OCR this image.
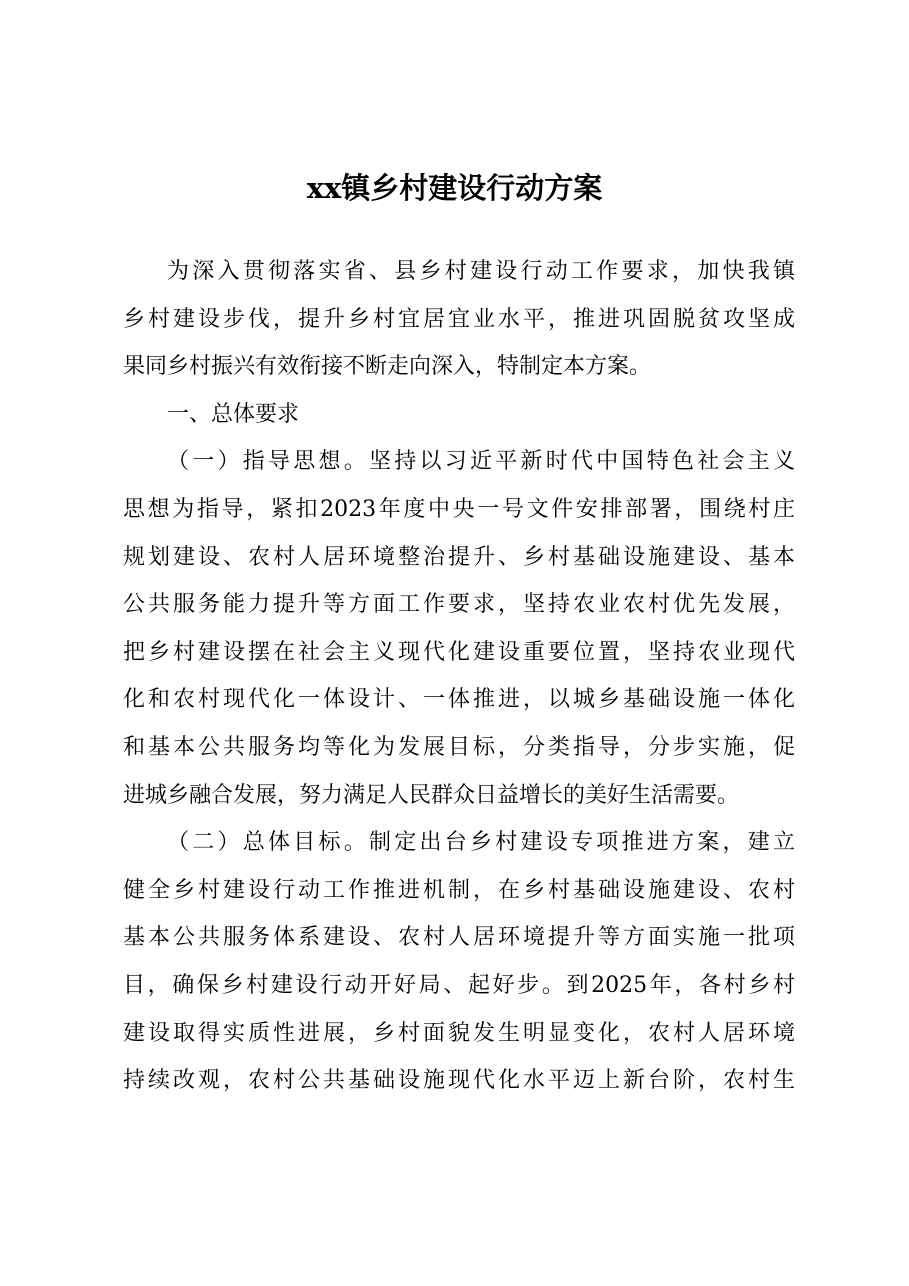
xx镇乡村建设行动方案
为深入贯彻落实省、县乡村建设行动工作要求，加快我镇
乡村建设步伐，提升乡村宜居宜业水平，推进巩固脱贫攻坚成
果同乡村振兴有效衔接不断走向深入，特制定本方案。
一、总体要求
（一）指导思想。坚持以习近平新时代中国特色社会主义
思想为指导，紧扣2023年度中央一号文件安排部署，围绕村庄
规划建设、农村人居环境整治提升、乡村基础设施建设、基本
公共服务能力提升等方面工作要求，坚持农业农村优先发展，
把乡村建设摆在社会主义现代化建设重要位置，坚持农业现代
化和农村现代化一体设计、一体推进，以城乡基础设施一体化
和基本公共服务均等化为发展目标，分类指导，分步实施，促
进城乡融合发展，努力满足人民群众日益增长的美好生活需要。
（二）总体目标。制定出台乡村建设专项推进方案，建立
健全乡村建设行动工作推进机制，在乡村基础设施建设、农村
基本公共服务体系建设、农村人居环境提升等方面实施一批项
目，确保乡村建设行动开好局、起好步。到2025年，各村乡村
建设取得实质性进展，乡村面貌发生明显变化，农村人居环境
持续改观，农村公共基础设施现代化水平迈上新台阶，农村生
